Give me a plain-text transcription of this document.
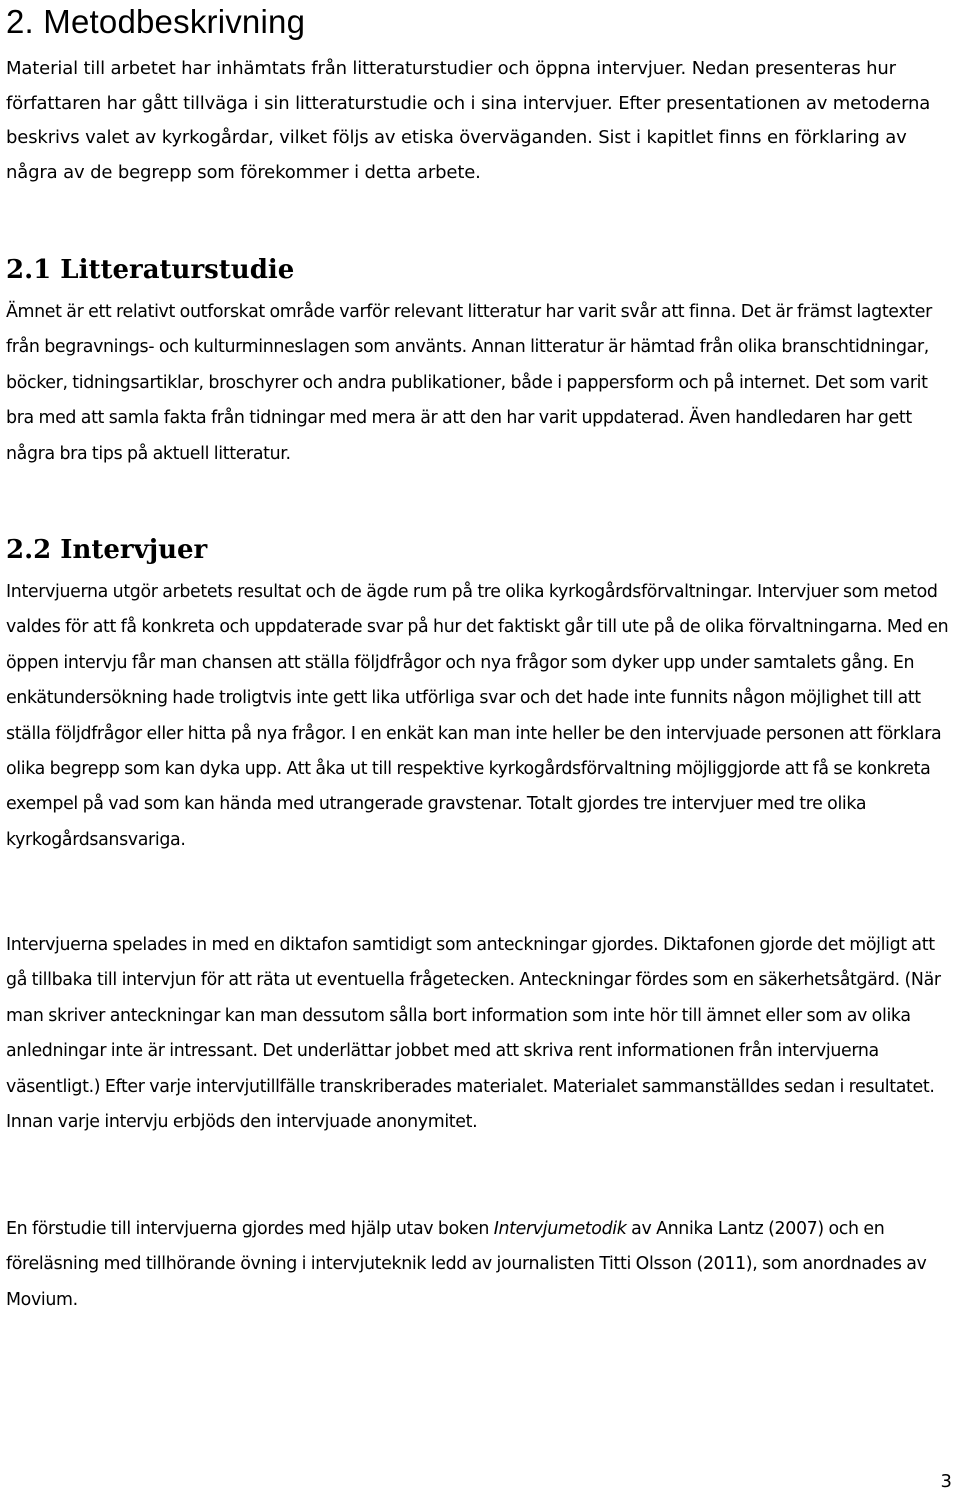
2. Metodbeskrivning

Material till arbetet har inhämtats från litteraturstudier och öppna intervjuer. Nedan presenteras hur författaren har gått tillväga i sin litteraturstudie och i sina intervjuer. Efter presentationen av metoderna beskrivs valet av kyrkogårdar, vilket följs av etiska överväganden. Sist i kapitlet finns en förklaring av några av de begrepp som förekommer i detta arbete.

2.1 Litteraturstudie

Ämnet är ett relativt outforskat område varför relevant litteratur har varit svår att finna. Det är främst lagtexter från begravnings- och kulturminneslagen som använts. Annan litteratur är hämtad från olika branschtidningar, böcker, tidningsartiklar, broschyrer och andra publikationer, både i pappersform och på internet. Det som varit bra med att samla fakta från tidningar med mera är att den har varit uppdaterad. Även handledaren har gett några bra tips på aktuell litteratur.

2.2 Intervjuer

Intervjuerna utgör arbetets resultat och de ägde rum på tre olika kyrkogårdsförvaltningar. Intervjuer som metod valdes för att få konkreta och uppdaterade svar på hur det faktiskt går till ute på de olika förvaltningarna. Med en öppen intervju får man chansen att ställa följdfrågor och nya frågor som dyker upp under samtalets gång. En enkätundersökning hade troligtvis inte gett lika utförliga svar och det hade inte funnits någon möjlighet till att ställa följdfrågor eller hitta på nya frågor. I en enkät kan man inte heller be den intervjuade personen att förklara olika begrepp som kan dyka upp. Att åka ut till respektive kyrkogårdsförvaltning möjliggjorde att få se konkreta exempel på vad som kan hända med utrangerade gravstenar. Totalt gjordes tre intervjuer med tre olika kyrkogårdsansvariga.

Intervjuerna spelades in med en diktafon samtidigt som anteckningar gjordes. Diktafonen gjorde det möjligt att gå tillbaka till intervjun för att räta ut eventuella frågetecken. Anteckningar fördes som en säkerhetsåtgärd. (När man skriver anteckningar kan man dessutom sålla bort information som inte hör till ämnet eller som av olika anledningar inte är intressant. Det underlättar jobbet med att skriva rent informationen från intervjuerna väsentligt.) Efter varje intervjutillfälle transkriberades materialet. Materialet sammanställdes sedan i resultatet. Innan varje intervju erbjöds den intervjuade anonymitet.

En förstudie till intervjuerna gjordes med hjälp utav boken Intervjumetodik av Annika Lantz (2007) och en föreläsning med tillhörande övning i intervjuteknik ledd av journalisten Titti Olsson (2011), som anordnades av Movium.

3
